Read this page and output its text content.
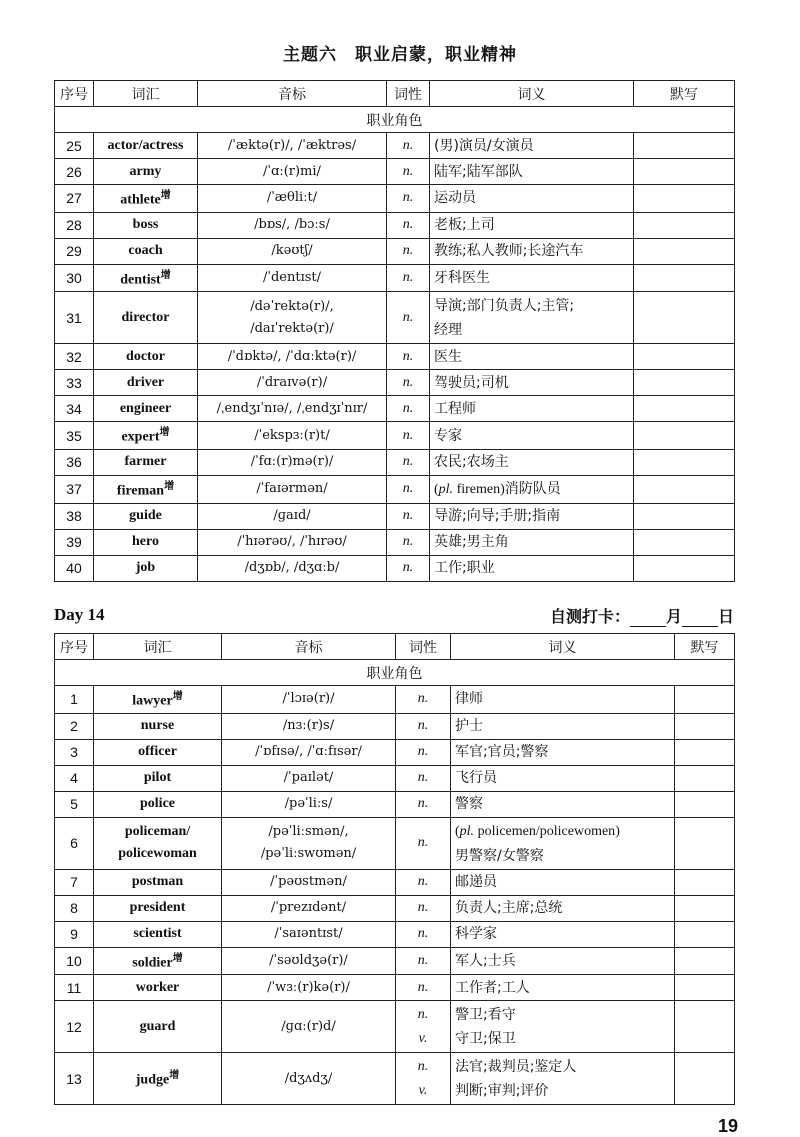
主题六　职业启蒙，职业精神
序号	词汇	音标	词性	词义	默写
职业角色					
25	actor/actress	/ˈæktə(r)/, /ˈæktrəs/	n.	(男)演员/女演员	
26	army	/ˈɑː(r)mi/	n.	陆军;陆军部队	
27	athlete$^增$	/ˈæθliːt/	n.	运动员	
28	boss	/bɒs/, /bɔːs/	n.	老板;上司	
29	coach	/kəʊtʃ/	n.	教练;私人教师;长途汽车	
30	dentist$^增$	/ˈdentɪst/	n.	牙科医生	
31	director	/dəˈrektə(r)/,
/daɪˈrektə(r)/	n.	导演;部门负责人;主管;
经理	
32	doctor	/ˈdɒktə/, /ˈdɑːktə(r)/	n.	医生	
33	driver	/ˈdraɪvə(r)/	n.	驾驶员;司机	
34	engineer	/ˌendʒɪˈnɪə/, /ˌendʒɪˈnɪr/	n.	工程师	
35	expert$^增$	/ˈekspɜː(r)t/	n.	专家	
36	farmer	/ˈfɑː(r)mə(r)/	n.	农民;农场主	
37	fireman$^增$	/ˈfaɪərmən/	n.	(pl. firemen)消防队员	
38	guide	/ɡaɪd/	n.	导游;向导;手册;指南	
39	hero	/ˈhɪərəʊ/, /ˈhɪrəʊ/	n.	英雄;男主角	
40	job	/dʒɒb/, /dʒɑːb/	n.	工作;职业	
Day 14	自测打卡： 月 日
序号	词汇	音标	词性	词义	默写
职业角色					
1	lawyer$^增$	/ˈlɔɪə(r)/	n.	律师	
2	nurse	/nɜː(r)s/	n.	护士	
3	officer	/ˈɒfɪsə/, /ˈɑːfɪsər/	n.	军官;官员;警察	
4	pilot	/ˈpaɪlət/	n.	飞行员	
5	police	/pəˈliːs/	n.	警察	
6	policeman/
policewoman	/pəˈliːsmən/,
/pəˈliːswʊmən/	n.	(pl. policemen/policewomen)
男警察/女警察	
7	postman	/ˈpəʊstmən/	n.	邮递员	
8	president	/ˈprezɪdənt/	n.	负责人;主席;总统	
9	scientist	/ˈsaɪəntɪst/	n.	科学家	
10	soldier$^增$	/ˈsəʊldʒə(r)/	n.	军人;士兵	
11	worker	/ˈwɜː(r)kə(r)/	n.	工作者;工人	
12	guard	/ɡɑː(r)d/	n.
v.	警卫;看守
守卫;保卫	
13	judge$^增$	/dʒʌdʒ/	n.
v.	法官;裁判员;鉴定人
判断;审判;评价	
19
